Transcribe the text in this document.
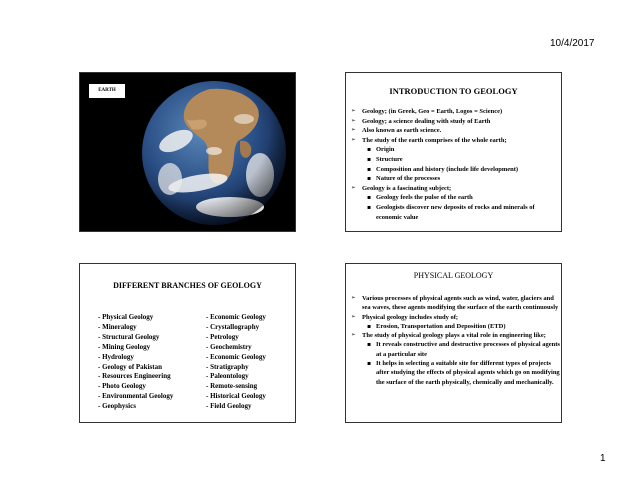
10/4/2017
EARTH	INTRODUCTION TO GEOLOGY
➢ Geology; (in Greek, Geo = Earth, Logos = Science)
➢ Geology; a science dealing with study of Earth
➢ Also known as earth science.
➢ The study of the earth comprises of the whole earth;
▪ Origin
▪ Structure
▪ Composition and history (include life development)
▪ Nature of the processes
➢ Geology is a fascinating subject;
▪ Geology feels the pulse of the earth
▪ Geologists discover new deposits of rocks and minerals of economic value
DIFFERENT BRANCHES OF GEOLOGY
- Physical Geology
- Mineralogy
- Structural Geology
- Mining Geology
- Hydrology
- Geology of Pakistan
- Resources Engineering
- Photo Geology
- Environmental Geology
- Geophysics
- Economic Geology
- Crystallography
- Petrology
- Geochemistry
- Economic Geology
- Stratigraphy
- Paleontology
- Remote-sensing
- Historical Geology
- Field Geology
PHYSICAL GEOLOGY
➢ Various processes of physical agents such as wind, water, glaciers and sea waves, these agents modifying the surface of the earth continuously
➢ Physical geology includes study of;
▪ Erosion, Transportation and Deposition (ETD)
➢ The study of physical geology plays a vital role in engineering like;
▪ It reveals constructive and destructive processes of physical agents at a particular site
▪ It helps in selecting a suitable site for different types of projects after studying the effects of physical agents which go on modifying the surface of the earth physically, chemically and mechanically.
1
